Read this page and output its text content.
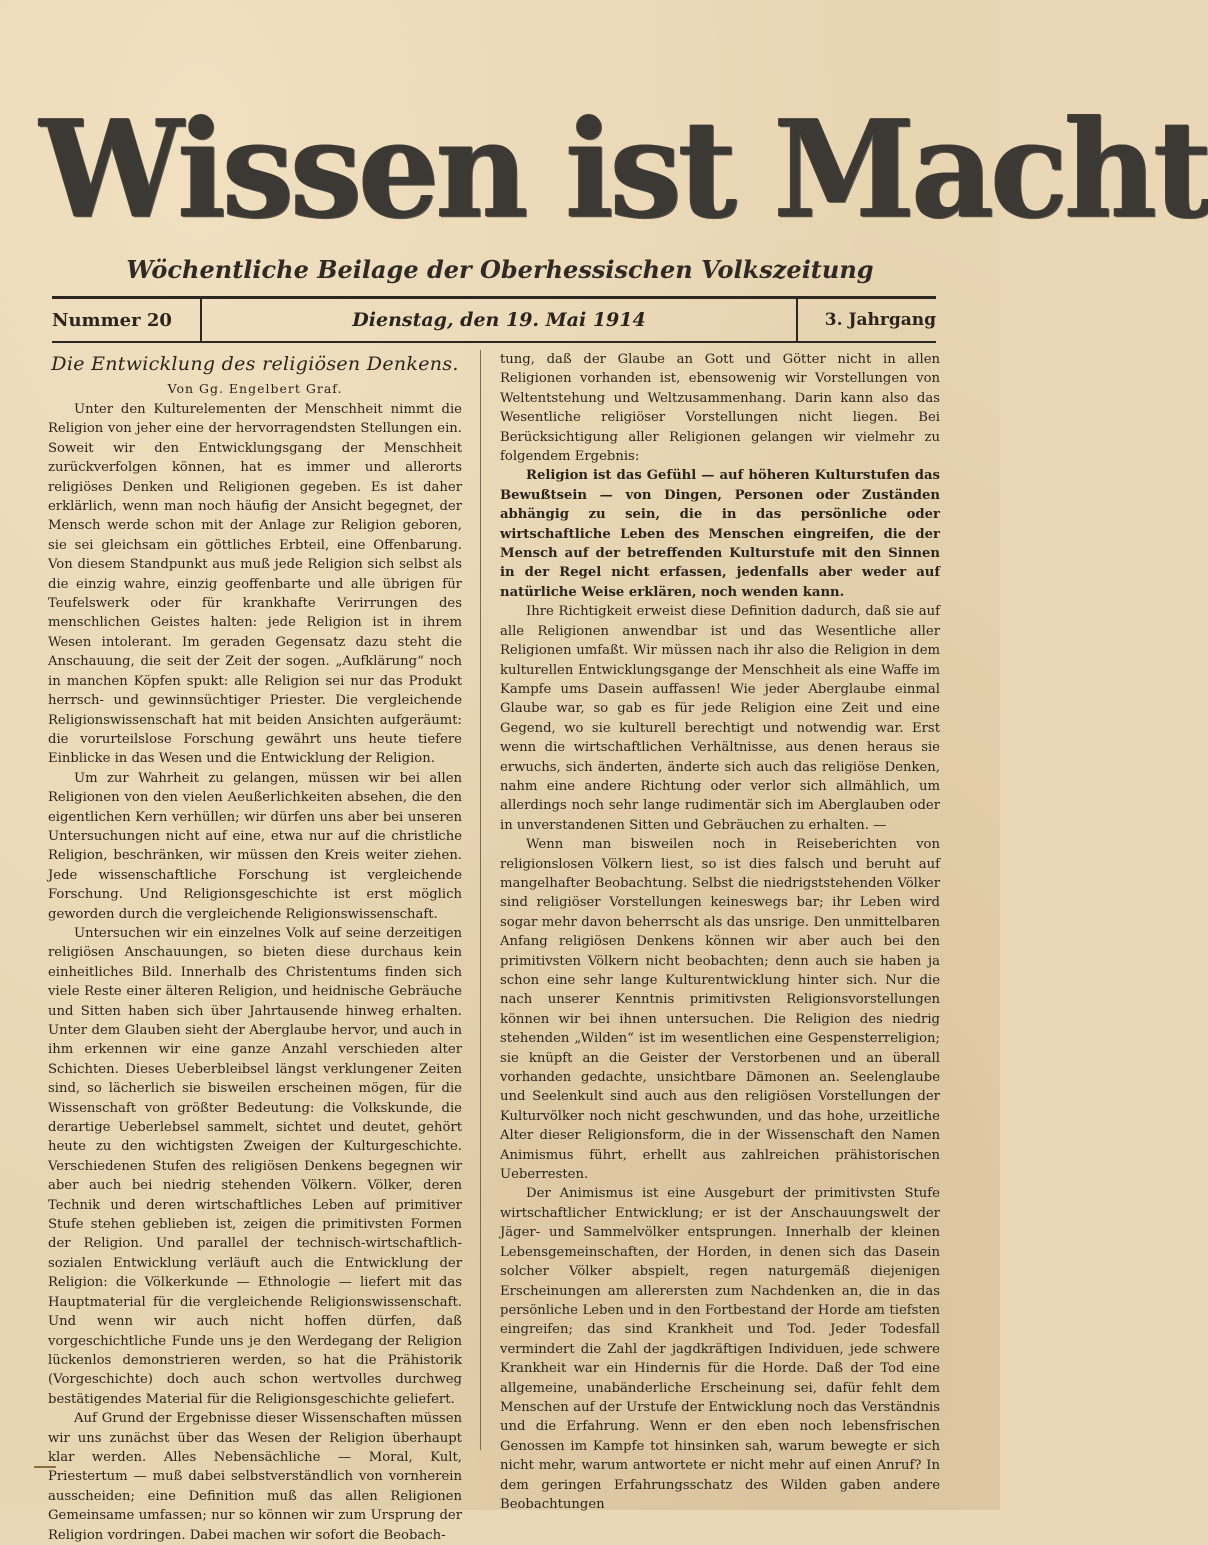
Wissen ist Macht
Wöchentliche Beilage der Oberhessischen Volkszeitung
Nummer 20	Dienstag, den 19. Mai 1914	3. Jahrgang
Die Entwicklung des religiösen Denkens.
Von Gg. Engelbert Graf.

Unter den Kulturelementen der Menschheit nimmt die Religion von jeher eine der hervorragendsten Stellungen ein. Soweit wir den Entwicklungsgang der Menschheit zurückverfolgen können, hat es immer und allerorts religiöses Denken und Religionen gegeben. Es ist daher erklärlich, wenn man noch häufig der Ansicht begegnet, der Mensch werde schon mit der Anlage zur Religion geboren, sie sei gleichsam ein göttliches Erbteil, eine Offenbarung. Von diesem Standpunkt aus muß jede Religion sich selbst als die einzig wahre, einzig geoffenbarte und alle übrigen für Teufelswerk oder für krankhafte Verirrungen des menschlichen Geistes halten: jede Religion ist in ihrem Wesen intolerant. Im geraden Gegensatz dazu steht die Anschauung, die seit der Zeit der sogen. „Aufklärung“ noch in manchen Köpfen spukt: alle Religion sei nur das Produkt herrsch- und gewinnsüchtiger Priester. Die vergleichende Religionswissenschaft hat mit beiden Ansichten aufgeräumt: die vorurteilslose Forschung gewährt uns heute tiefere Einblicke in das Wesen und die Entwicklung der Religion.

Um zur Wahrheit zu gelangen, müssen wir bei allen Religionen von den vielen Aeußerlichkeiten absehen, die den eigentlichen Kern verhüllen; wir dürfen uns aber bei unseren Untersuchungen nicht auf eine, etwa nur auf die christliche Religion, beschränken, wir müssen den Kreis weiter ziehen. Jede wissenschaftliche Forschung ist vergleichende Forschung. Und Religionsgeschichte ist erst möglich geworden durch die vergleichende Religionswissenschaft.

Untersuchen wir ein einzelnes Volk auf seine derzeitigen religiösen Anschauungen, so bieten diese durchaus kein einheitliches Bild. Innerhalb des Christentums finden sich viele Reste einer älteren Religion, und heidnische Gebräuche und Sitten haben sich über Jahrtausende hinweg erhalten. Unter dem Glauben sieht der Aberglaube hervor, und auch in ihm erkennen wir eine ganze Anzahl verschieden alter Schichten. Dieses Ueberbleibsel längst verklungener Zeiten sind, so lächerlich sie bisweilen erscheinen mögen, für die Wissenschaft von größter Bedeutung: die Volkskunde, die derartige Ueberlebsel sammelt, sichtet und deutet, gehört heute zu den wichtigsten Zweigen der Kulturgeschichte. Verschiedenen Stufen des religiösen Denkens begegnen wir aber auch bei niedrig stehenden Völkern. Völker, deren Technik und deren wirtschaftliches Leben auf primitiver Stufe stehen geblieben ist, zeigen die primitivsten Formen der Religion. Und parallel der technisch-wirtschaftlich-sozialen Entwicklung verläuft auch die Entwicklung der Religion: die Völkerkunde — Ethnologie — liefert mit das Hauptmaterial für die vergleichende Religionswissenschaft. Und wenn wir auch nicht hoffen dürfen, daß vorgeschichtliche Funde uns je den Werdegang der Religion lückenlos demonstrieren werden, so hat die Prähistorik (Vorgeschichte) doch auch schon wertvolles durchweg bestätigendes Material für die Religionsgeschichte geliefert.

Auf Grund der Ergebnisse dieser Wissenschaften müssen wir uns zunächst über das Wesen der Religion überhaupt klar werden. Alles Nebensächliche — Moral, Kult, Priestertum — muß dabei selbstverständlich von vornherein ausscheiden; eine Definition muß das allen Religionen Gemeinsame umfassen; nur so können wir zum Ursprung der Religion vordringen. Dabei machen wir sofort die Beobach-

tung, daß der Glaube an Gott und Götter nicht in allen Religionen vorhanden ist, ebensowenig wir Vorstellungen von Weltentstehung und Weltzusammenhang. Darin kann also das Wesentliche religiöser Vorstellungen nicht liegen. Bei Berücksichtigung aller Religionen gelangen wir vielmehr zu folgendem Ergebnis:

Religion ist das Gefühl — auf höheren Kulturstufen das Bewußtsein — von Dingen, Personen oder Zuständen abhängig zu sein, die in das persönliche oder wirtschaftliche Leben des Menschen eingreifen, die der Mensch auf der betreffenden Kulturstufe mit den Sinnen in der Regel nicht erfassen, jedenfalls aber weder auf natürliche Weise erklären, noch wenden kann.

Ihre Richtigkeit erweist diese Definition dadurch, daß sie auf alle Religionen anwendbar ist und das Wesentliche aller Religionen umfaßt. Wir müssen nach ihr also die Religion in dem kulturellen Entwicklungsgange der Menschheit als eine Waffe im Kampfe ums Dasein auffassen! Wie jeder Aberglaube einmal Glaube war, so gab es für jede Religion eine Zeit und eine Gegend, wo sie kulturell berechtigt und notwendig war. Erst wenn die wirtschaftlichen Verhältnisse, aus denen heraus sie erwuchs, sich änderten, änderte sich auch das religiöse Denken, nahm eine andere Richtung oder verlor sich allmählich, um allerdings noch sehr lange rudimentär sich im Aberglauben oder in unverstandenen Sitten und Gebräuchen zu erhalten. —

Wenn man bisweilen noch in Reiseberichten von religionslosen Völkern liest, so ist dies falsch und beruht auf mangelhafter Beobachtung. Selbst die niedrigststehenden Völker sind religiöser Vorstellungen keineswegs bar; ihr Leben wird sogar mehr davon beherrscht als das unsrige. Den unmittelbaren Anfang religiösen Denkens können wir aber auch bei den primitivsten Völkern nicht beobachten; denn auch sie haben ja schon eine sehr lange Kulturentwicklung hinter sich. Nur die nach unserer Kenntnis primitivsten Religionsvorstellungen können wir bei ihnen untersuchen. Die Religion des niedrig stehenden „Wilden“ ist im wesentlichen eine Gespensterreligion; sie knüpft an die Geister der Verstorbenen und an überall vorhanden gedachte, unsichtbare Dämonen an. Seelenglaube und Seelenkult sind auch aus den religiösen Vorstellungen der Kulturvölker noch nicht geschwunden, und das hohe, urzeitliche Alter dieser Religionsform, die in der Wissenschaft den Namen Animismus führt, erhellt aus zahlreichen prähistorischen Ueberresten.

Der Animismus ist eine Ausgeburt der primitivsten Stufe wirtschaftlicher Entwicklung; er ist der Anschauungswelt der Jäger- und Sammelvölker entsprungen. Innerhalb der kleinen Lebensgemeinschaften, der Horden, in denen sich das Dasein solcher Völker abspielt, regen naturgemäß diejenigen Erscheinungen am allerersten zum Nachdenken an, die in das persönliche Leben und in den Fortbestand der Horde am tiefsten eingreifen; das sind Krankheit und Tod. Jeder Todesfall vermindert die Zahl der jagdkräftigen Individuen, jede schwere Krankheit war ein Hindernis für die Horde. Daß der Tod eine allgemeine, unabänderliche Erscheinung sei, dafür fehlt dem Menschen auf der Urstufe der Entwicklung noch das Verständnis und die Erfahrung. Wenn er den eben noch lebensfrischen Genossen im Kampfe tot hinsinken sah, warum bewegte er sich nicht mehr, warum antwortete er nicht mehr auf einen Anruf? In dem geringen Erfahrungsschatz des Wilden gaben andere Beobachtungen
